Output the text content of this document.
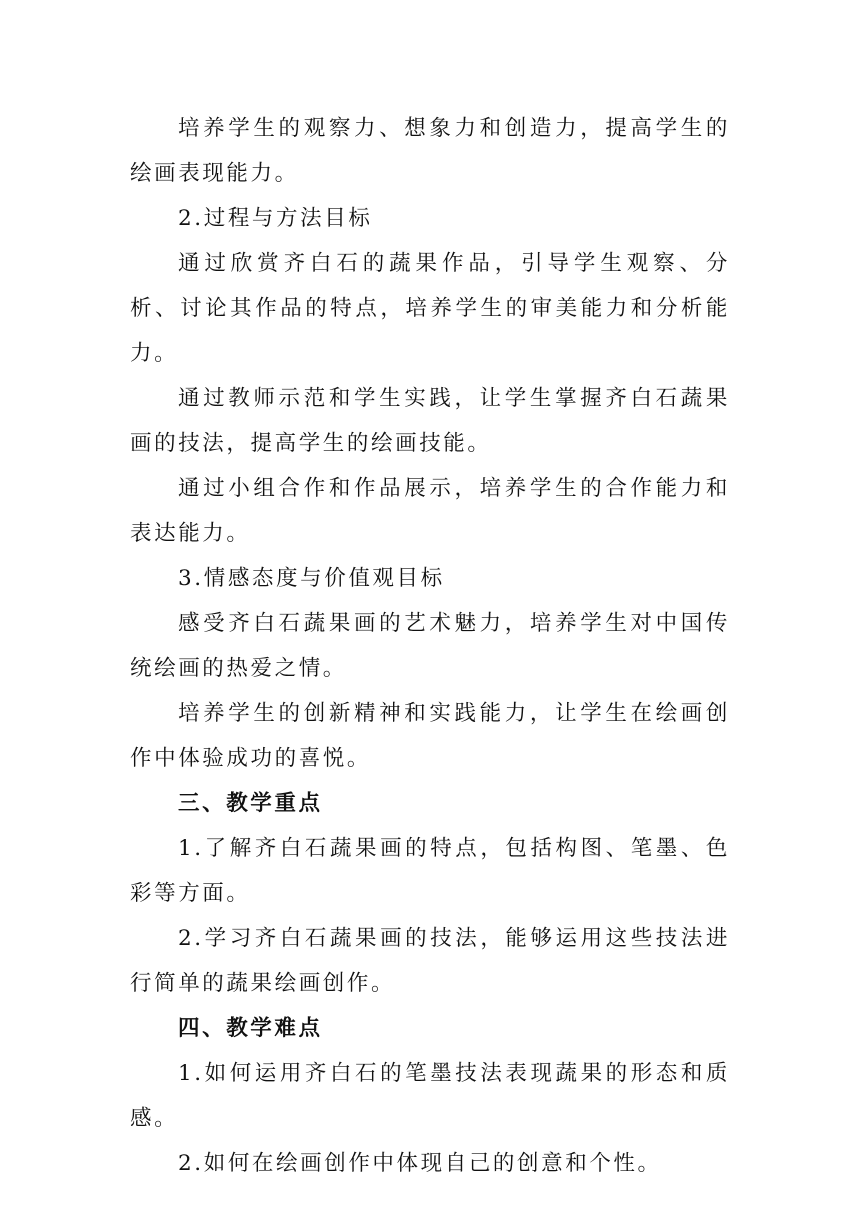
培养学生的观察力、想象力和创造力，提高学生的绘画表现能力。

2.过程与方法目标

通过欣赏齐白石的蔬果作品，引导学生观察、分析、讨论其作品的特点，培养学生的审美能力和分析能力。

通过教师示范和学生实践，让学生掌握齐白石蔬果画的技法，提高学生的绘画技能。

通过小组合作和作品展示，培养学生的合作能力和表达能力。

3.情感态度与价值观目标

感受齐白石蔬果画的艺术魅力，培养学生对中国传统绘画的热爱之情。

培养学生的创新精神和实践能力，让学生在绘画创作中体验成功的喜悦。

三、教学重点

1.了解齐白石蔬果画的特点，包括构图、笔墨、色彩等方面。

2.学习齐白石蔬果画的技法，能够运用这些技法进行简单的蔬果绘画创作。

四、教学难点

1.如何运用齐白石的笔墨技法表现蔬果的形态和质感。

2.如何在绘画创作中体现自己的创意和个性。
